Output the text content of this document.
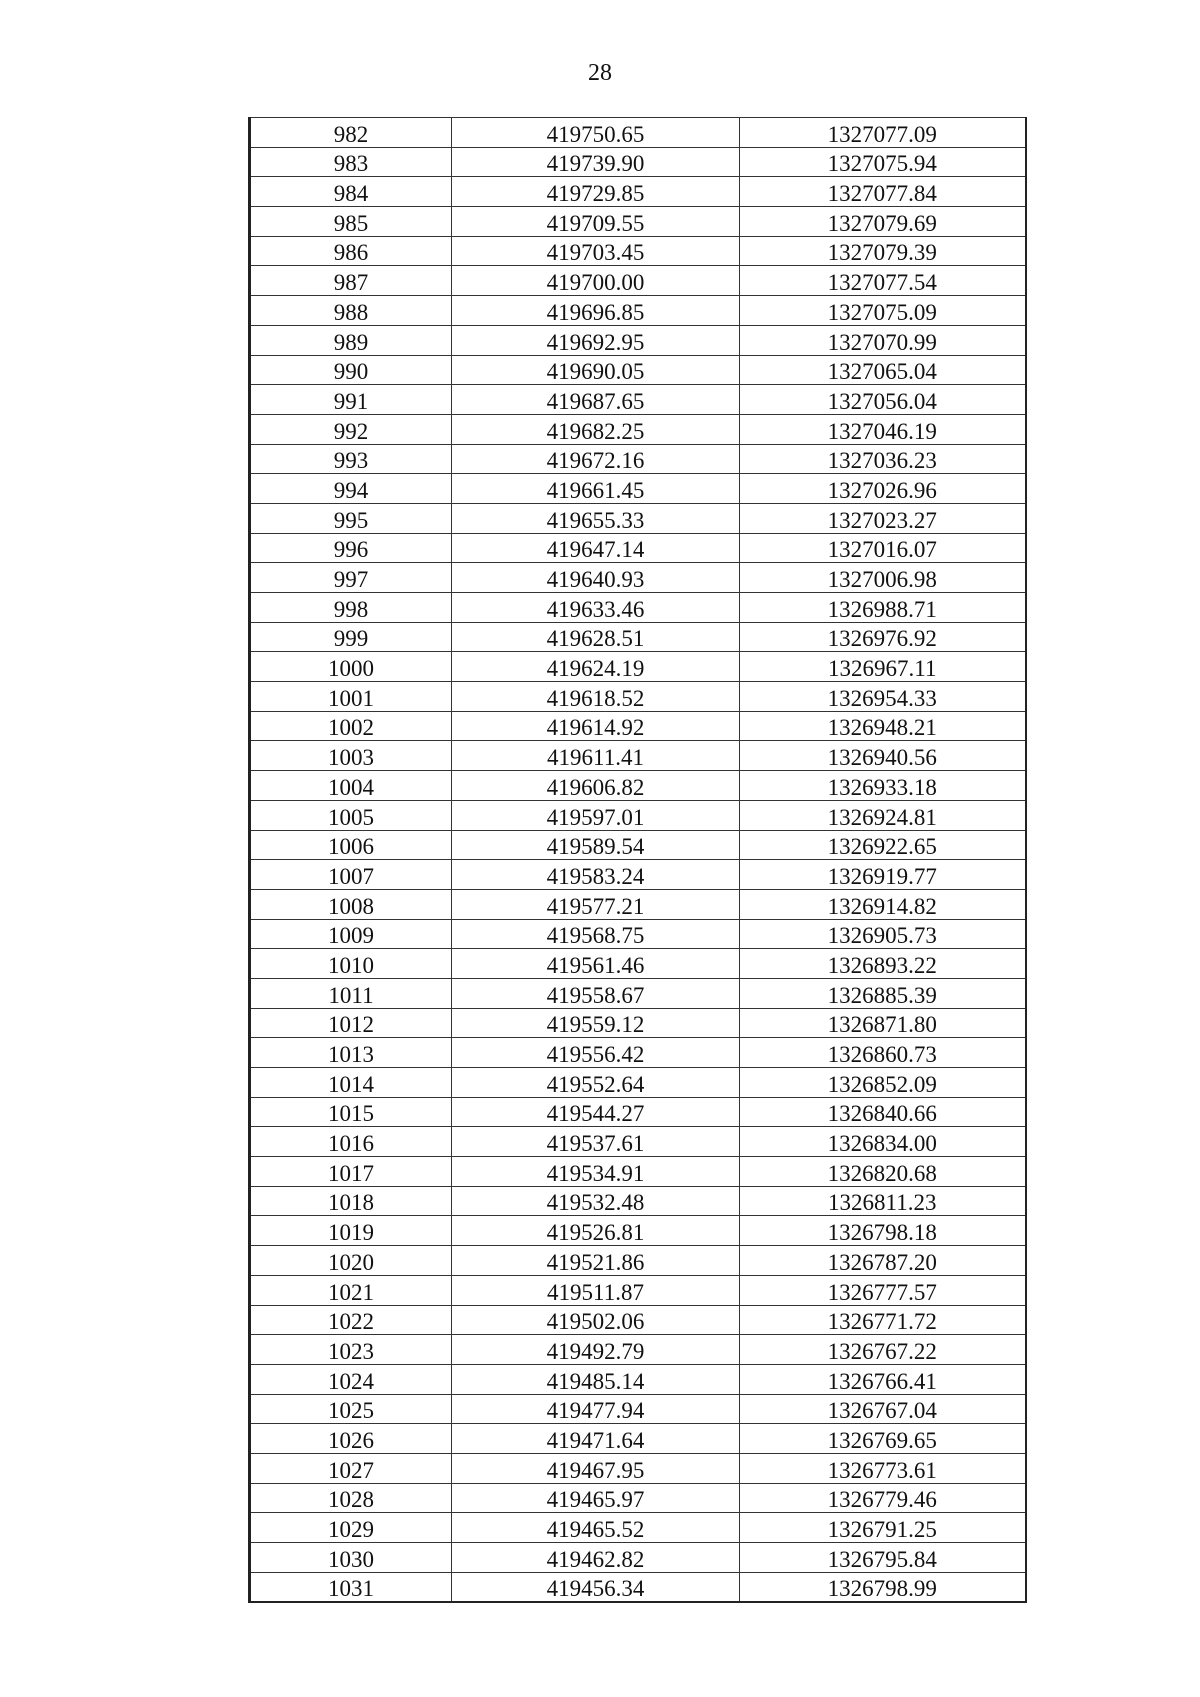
28
982	419750.65	1327077.09
983	419739.90	1327075.94
984	419729.85	1327077.84
985	419709.55	1327079.69
986	419703.45	1327079.39
987	419700.00	1327077.54
988	419696.85	1327075.09
989	419692.95	1327070.99
990	419690.05	1327065.04
991	419687.65	1327056.04
992	419682.25	1327046.19
993	419672.16	1327036.23
994	419661.45	1327026.96
995	419655.33	1327023.27
996	419647.14	1327016.07
997	419640.93	1327006.98
998	419633.46	1326988.71
999	419628.51	1326976.92
1000	419624.19	1326967.11
1001	419618.52	1326954.33
1002	419614.92	1326948.21
1003	419611.41	1326940.56
1004	419606.82	1326933.18
1005	419597.01	1326924.81
1006	419589.54	1326922.65
1007	419583.24	1326919.77
1008	419577.21	1326914.82
1009	419568.75	1326905.73
1010	419561.46	1326893.22
1011	419558.67	1326885.39
1012	419559.12	1326871.80
1013	419556.42	1326860.73
1014	419552.64	1326852.09
1015	419544.27	1326840.66
1016	419537.61	1326834.00
1017	419534.91	1326820.68
1018	419532.48	1326811.23
1019	419526.81	1326798.18
1020	419521.86	1326787.20
1021	419511.87	1326777.57
1022	419502.06	1326771.72
1023	419492.79	1326767.22
1024	419485.14	1326766.41
1025	419477.94	1326767.04
1026	419471.64	1326769.65
1027	419467.95	1326773.61
1028	419465.97	1326779.46
1029	419465.52	1326791.25
1030	419462.82	1326795.84
1031	419456.34	1326798.99
